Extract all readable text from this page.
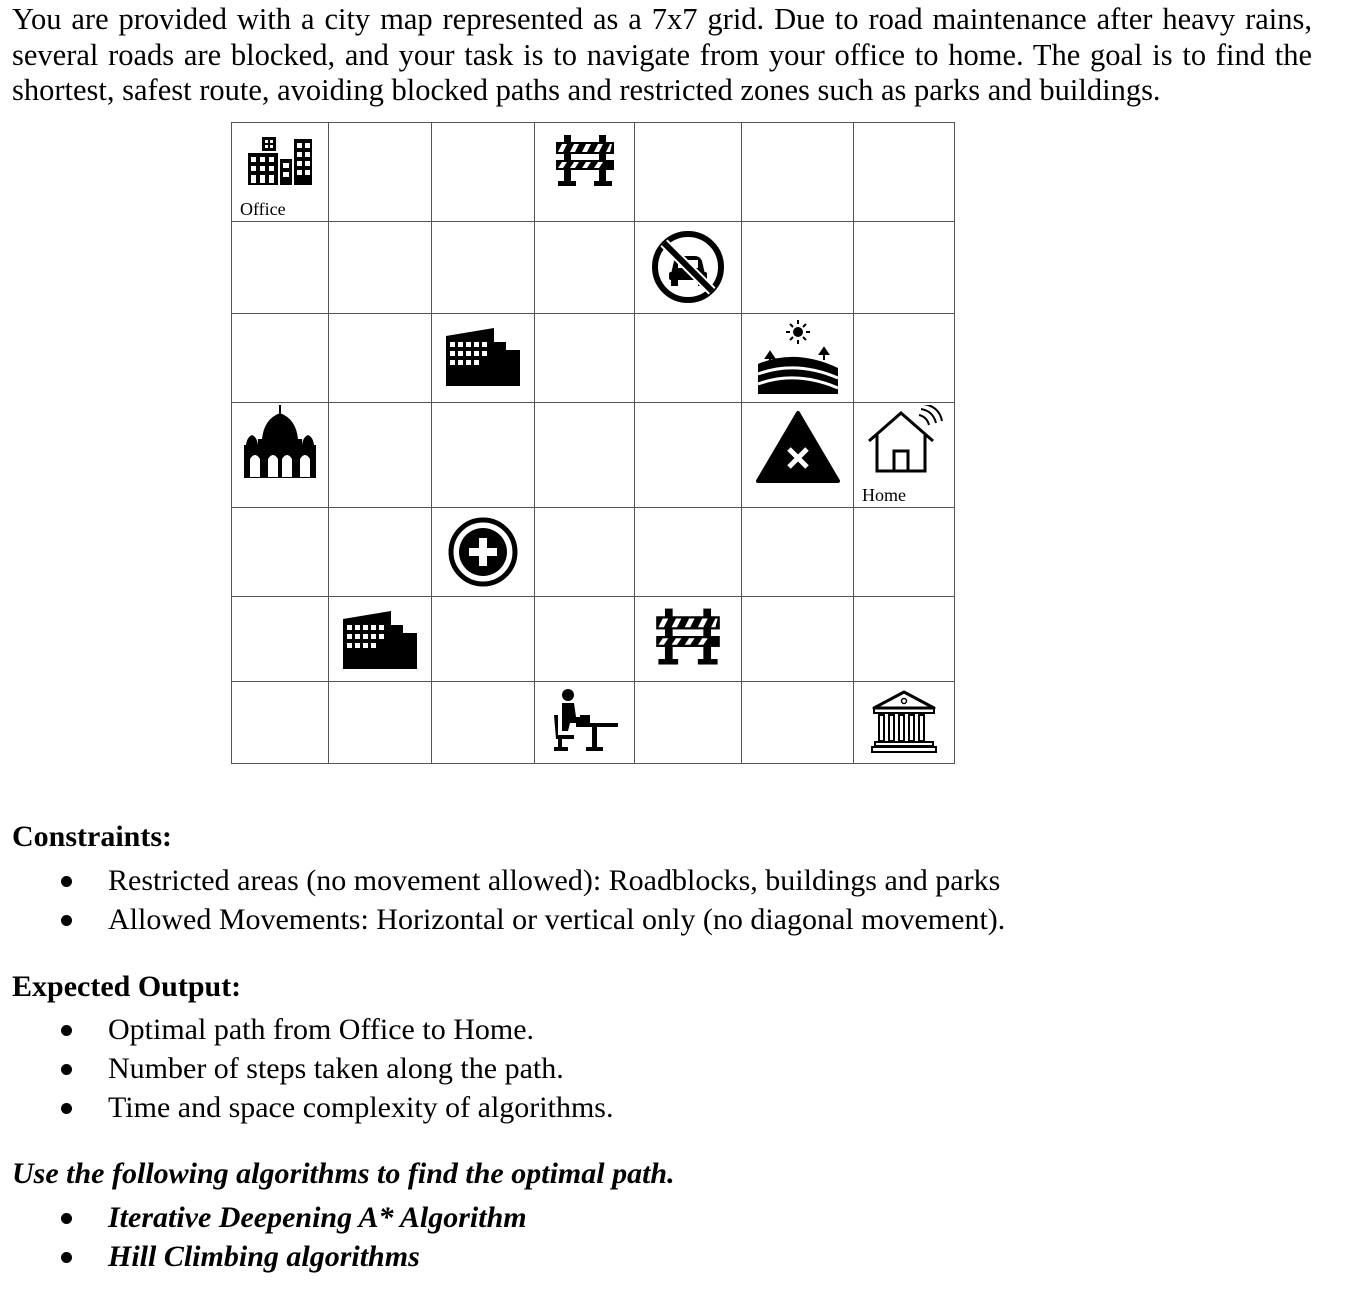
You are provided with a city map represented as a 7x7 grid. Due to road maintenance after heavy rains, several roads are blocked, and your task is to navigate from your office to home. The goal is to find the shortest, safest route, avoiding blocked paths and restricted zones such as parks and buildings.

Office

Home

Constraints:
Restricted areas (no movement allowed): Roadblocks, buildings and parks
Allowed Movements: Horizontal or vertical only (no diagonal movement).
Expected Output:
Optimal path from Office to Home.
Number of steps taken along the path.
Time and space complexity of algorithms.
Use the following algorithms to find the optimal path.
Iterative Deepening A* Algorithm
Hill Climbing algorithms
